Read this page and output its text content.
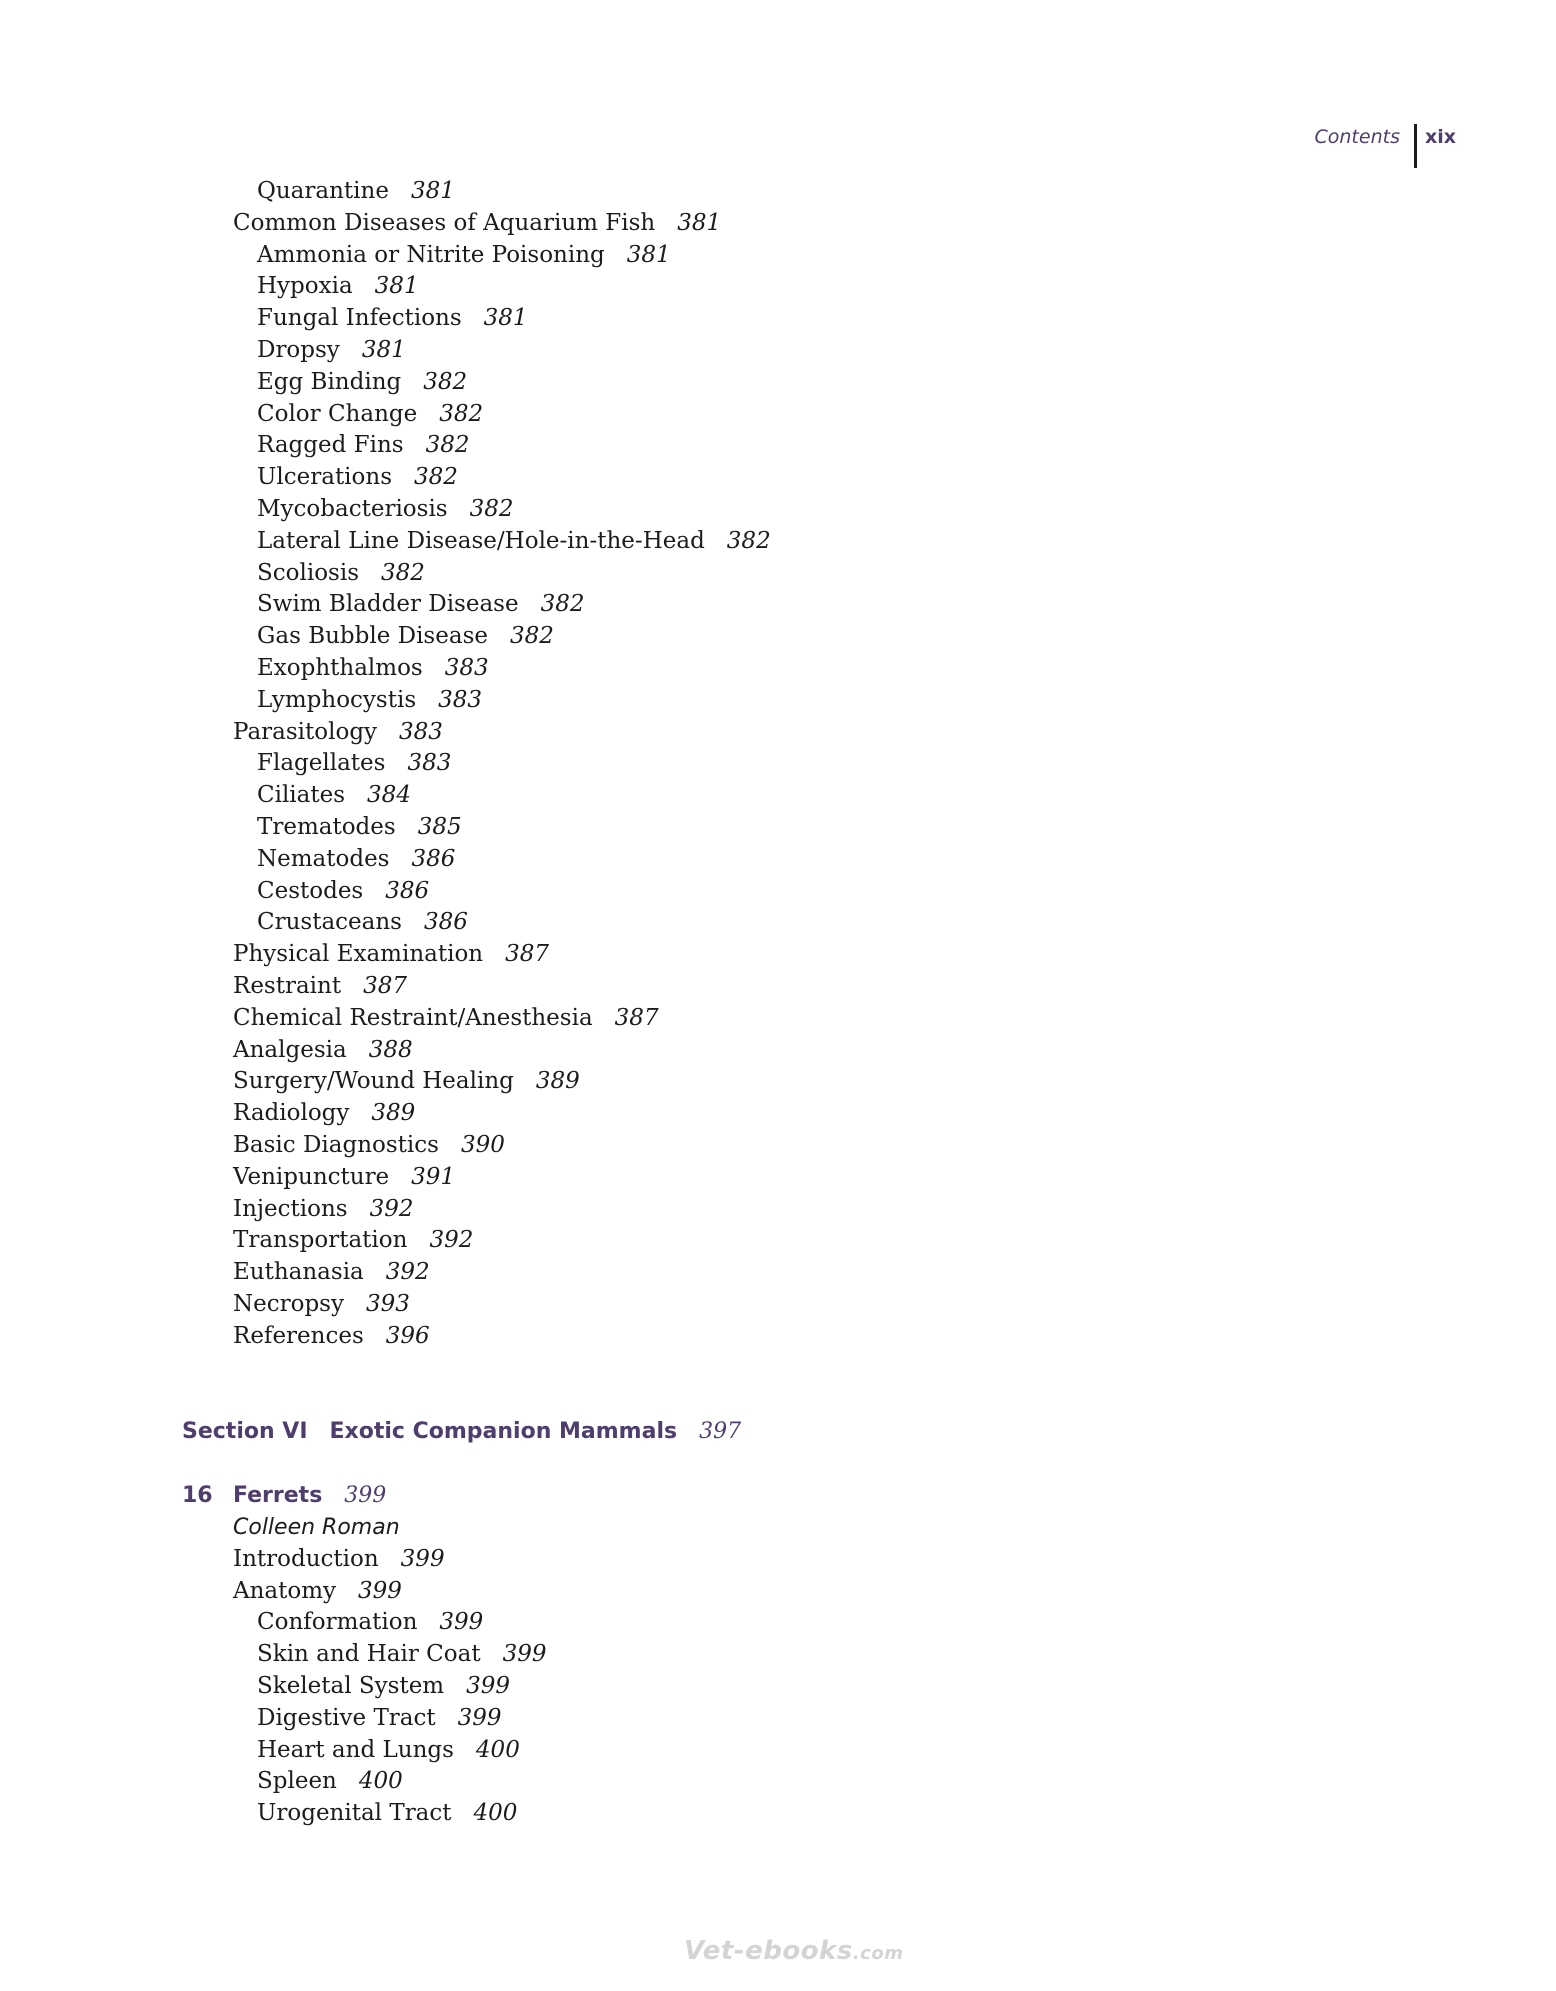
Contents xix
Quarantine 381
Common Diseases of Aquarium Fish 381
Ammonia or Nitrite Poisoning 381
Hypoxia 381
Fungal Infections 381
Dropsy 381
Egg Binding 382
Color Change 382
Ragged Fins 382
Ulcerations 382
Mycobacteriosis 382
Lateral Line Disease/Hole-in-the-Head 382
Scoliosis 382
Swim Bladder Disease 382
Gas Bubble Disease 382
Exophthalmos 383
Lymphocystis 383
Parasitology 383
Flagellates 383
Ciliates 384
Trematodes 385
Nematodes 386
Cestodes 386
Crustaceans 386
Physical Examination 387
Restraint 387
Chemical Restraint/Anesthesia 387
Analgesia 388
Surgery/Wound Healing 389
Radiology 389
Basic Diagnostics 390
Venipuncture 391
Injections 392
Transportation 392
Euthanasia 392
Necropsy 393
References 396
Section VI Exotic Companion Mammals 397
16 Ferrets 399
Colleen Roman
Introduction 399
Anatomy 399
Conformation 399
Skin and Hair Coat 399
Skeletal System 399
Digestive Tract 399
Heart and Lungs 400
Spleen 400
Urogenital Tract 400
Vet-ebooks.com
